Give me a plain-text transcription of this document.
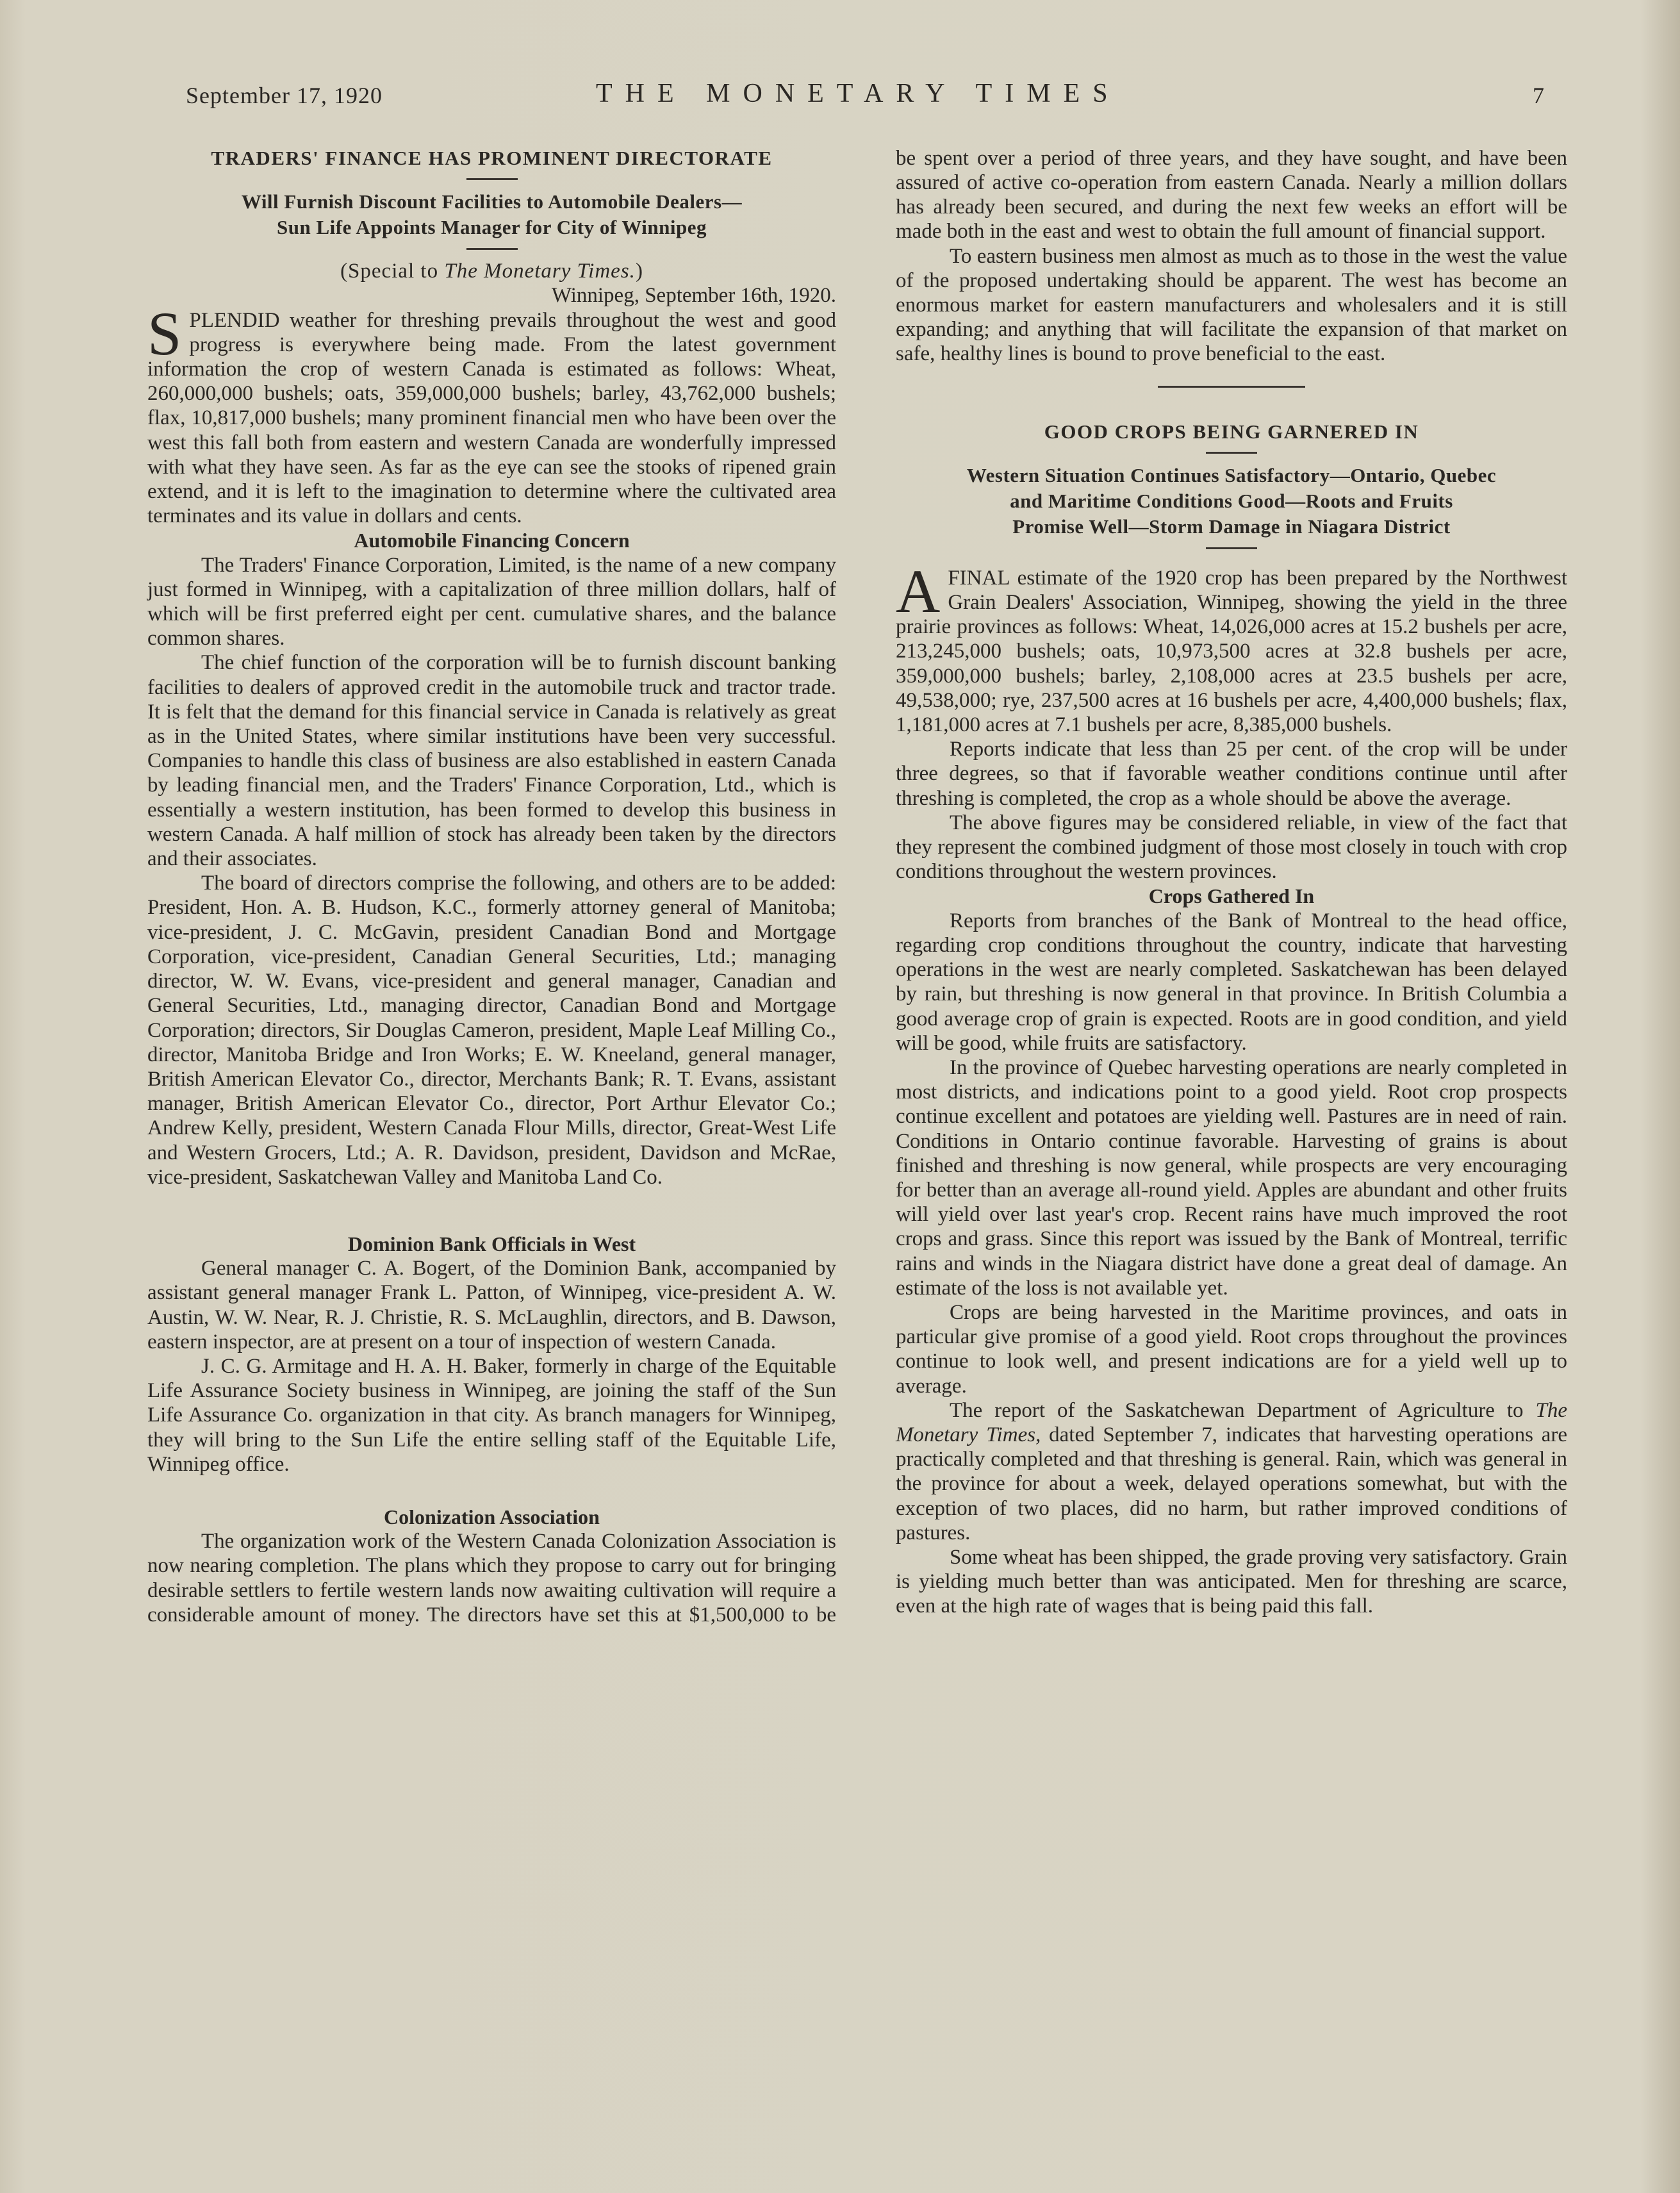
September 17, 1920	THE MONETARY TIMES	7

TRADERS' FINANCE HAS PROMINENT DIRECTORATE

Will Furnish Discount Facilities to Automobile Dealers—

Sun Life Appoints Manager for City of Winnipeg

(Special to The Monetary Times.)

Winnipeg, September 16th, 1920.

SPLENDID weather for threshing prevails throughout the west and good progress is everywhere being made. From the latest government information the crop of western Canada is estimated as follows: Wheat, 260,000,000 bushels; oats, 359,000,000 bushels; barley, 43,762,000 bushels; flax, 10,817,000 bushels; many prominent financial men who have been over the west this fall both from eastern and western Canada are wonderfully impressed with what they have seen. As far as the eye can see the stooks of ripened grain extend, and it is left to the imagination to determine where the cultivated area terminates and its value in dollars and cents.

Automobile Financing Concern

The Traders' Finance Corporation, Limited, is the name of a new company just formed in Winnipeg, with a capitalization of three million dollars, half of which will be first preferred eight per cent. cumulative shares, and the balance common shares.

The chief function of the corporation will be to furnish discount banking facilities to dealers of approved credit in the automobile truck and tractor trade. It is felt that the demand for this financial service in Canada is relatively as great as in the United States, where similar institutions have been very successful. Companies to handle this class of business are also established in eastern Canada by leading financial men, and the Traders' Finance Corporation, Ltd., which is essentially a western institution, has been formed to develop this business in western Canada. A half million of stock has already been taken by the directors and their associates.

The board of directors comprise the following, and others are to be added: President, Hon. A. B. Hudson, K.C., formerly attorney general of Manitoba; vice-president, J. C. McGavin, president Canadian Bond and Mortgage Corporation, vice-president, Canadian General Securities, Ltd.; managing director, W. W. Evans, vice-president and general manager, Canadian and General Securities, Ltd., managing director, Canadian Bond and Mortgage Corporation; directors, Sir Douglas Cameron, president, Maple Leaf Milling Co., director, Manitoba Bridge and Iron Works; E. W. Kneeland, general manager, British American Elevator Co., director, Merchants Bank; R. T. Evans, assistant manager, British American Elevator Co., director, Port Arthur Elevator Co.; Andrew Kelly, president, Western Canada Flour Mills, director, Great-West Life and Western Grocers, Ltd.; A. R. Davidson, president, Davidson and McRae, vice-president, Saskatchewan Valley and Manitoba Land Co.

Dominion Bank Officials in West

General manager C. A. Bogert, of the Dominion Bank, accompanied by assistant general manager Frank L. Patton, of Winnipeg, vice-president A. W. Austin, W. W. Near, R. J. Christie, R. S. McLaughlin, directors, and B. Dawson, eastern inspector, are at present on a tour of inspection of western Canada.

J. C. G. Armitage and H. A. H. Baker, formerly in charge of the Equitable Life Assurance Society business in Winnipeg, are joining the staff of the Sun Life Assurance Co. organization in that city. As branch managers for Winnipeg, they will bring to the Sun Life the entire selling staff of the Equitable Life, Winnipeg office.

Colonization Association

The organization work of the Western Canada Colonization Association is now nearing completion. The plans which they propose to carry out for bringing desirable settlers to fertile western lands now awaiting cultivation will require a considerable amount of money. The directors have set this at $1,500,000 to be

be spent over a period of three years, and they have sought, and have been assured of active co-operation from eastern Canada. Nearly a million dollars has already been secured, and during the next few weeks an effort will be made both in the east and west to obtain the full amount of financial support.

To eastern business men almost as much as to those in the west the value of the proposed undertaking should be apparent. The west has become an enormous market for eastern manufacturers and wholesalers and it is still expanding; and anything that will facilitate the expansion of that market on safe, healthy lines is bound to prove beneficial to the east.

GOOD CROPS BEING GARNERED IN

Western Situation Continues Satisfactory—Ontario, Quebec

and Maritime Conditions Good—Roots and Fruits

Promise Well—Storm Damage in Niagara District

AFINAL estimate of the 1920 crop has been prepared by the Northwest Grain Dealers' Association, Winnipeg, showing the yield in the three prairie provinces as follows: Wheat, 14,026,000 acres at 15.2 bushels per acre, 213,245,000 bushels; oats, 10,973,500 acres at 32.8 bushels per acre, 359,000,000 bushels; barley, 2,108,000 acres at 23.5 bushels per acre, 49,538,000; rye, 237,500 acres at 16 bushels per acre, 4,400,000 bushels; flax, 1,181,000 acres at 7.1 bushels per acre, 8,385,000 bushels.

Reports indicate that less than 25 per cent. of the crop will be under three degrees, so that if favorable weather conditions continue until after threshing is completed, the crop as a whole should be above the average.

The above figures may be considered reliable, in view of the fact that they represent the combined judgment of those most closely in touch with crop conditions throughout the western provinces.

Crops Gathered In

Reports from branches of the Bank of Montreal to the head office, regarding crop conditions throughout the country, indicate that harvesting operations in the west are nearly completed. Saskatchewan has been delayed by rain, but threshing is now general in that province. In British Columbia a good average crop of grain is expected. Roots are in good condition, and yield will be good, while fruits are satisfactory.

In the province of Quebec harvesting operations are nearly completed in most districts, and indications point to a good yield. Root crop prospects continue excellent and potatoes are yielding well. Pastures are in need of rain. Conditions in Ontario continue favorable. Harvesting of grains is about finished and threshing is now general, while prospects are very encouraging for better than an average all-round yield. Apples are abundant and other fruits will yield over last year's crop. Recent rains have much improved the root crops and grass. Since this report was issued by the Bank of Montreal, terrific rains and winds in the Niagara district have done a great deal of damage. An estimate of the loss is not available yet.

Crops are being harvested in the Maritime provinces, and oats in particular give promise of a good yield. Root crops throughout the provinces continue to look well, and present indications are for a yield well up to average.

The report of the Saskatchewan Department of Agriculture to The Monetary Times, dated September 7, indicates that harvesting operations are practically completed and that threshing is general. Rain, which was general in the province for about a week, delayed operations somewhat, but with the exception of two places, did no harm, but rather improved conditions of pastures.

Some wheat has been shipped, the grade proving very satisfactory. Grain is yielding much better than was anticipated. Men for threshing are scarce, even at the high rate of wages that is being paid this fall.
